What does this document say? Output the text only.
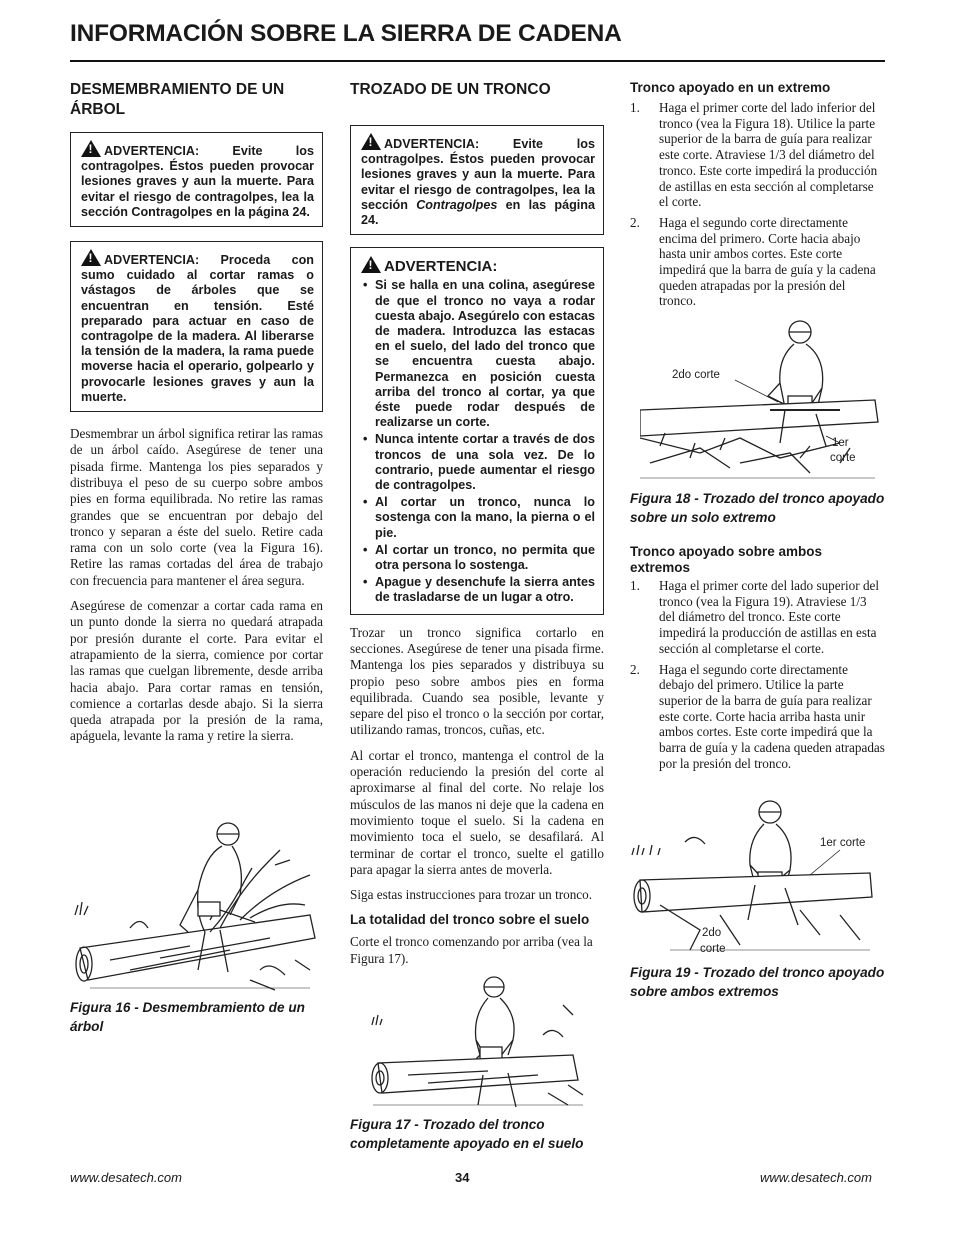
INFORMACIÓN SOBRE LA SIERRA DE CADENA
DESMEMBRAMIENTO DE UN ÁRBOL
!ADVERTENCIA: Evite los contragolpes. Éstos pueden provocar lesiones graves y aun la muerte. Para evitar el riesgo de contragolpes, lea la sección Contragolpes en la página 24.
!ADVERTENCIA: Proceda con sumo cuidado al cortar ramas o vástagos de árboles que se encuentran en tensión. Esté preparado para actuar en caso de contragolpe de la madera. Al liberarse la tensión de la madera, la rama puede moverse hacia el operario, golpearlo y provocarle lesiones graves y aun la muerte.

Desmembrar un árbol significa retirar las ramas de un árbol caído. Asegúrese de tener una pisada firme. Mantenga los pies separados y distribuya el peso de su cuerpo sobre ambos pies en forma equilibrada. No retire las ramas grandes que se encuentran por debajo del tronco y separan a éste del suelo. Retire cada rama con un solo corte (vea la Figura 16). Retire las ramas cortadas del área de trabajo con frecuencia para mantener el área segura.

Asegúrese de comenzar a cortar cada rama en un punto donde la sierra no quedará atrapada por presión durante el corte. Para evitar el atrapamiento de la sierra, comience por cortar las ramas que cuelgan libremente, desde arriba hacia abajo. Para cortar ramas en tensión, comience a cortarlas desde abajo. Si la sierra queda atrapada por la presión de la rama, apáguela, levante la rama y retire la sierra.

Figura 16 - Desmembramiento de un árbol
TROZADO DE UN TRONCO
!ADVERTENCIA: Evite los contragolpes. Éstos pueden provocar lesiones graves y aun la muerte. Para evitar el riesgo de contragolpes, lea la sección Contragolpes en las página 24.
!ADVERTENCIA:
• Si se halla en una colina, asegúrese de que el tronco no vaya a rodar cuesta abajo. Asegúrelo con estacas de madera. Introduzca las estacas en el suelo, del lado del tronco que se encuentra cuesta abajo. Permanezca en posición cuesta arriba del tronco al cortar, ya que éste puede rodar después de realizarse un corte.
• Nunca intente cortar a través de dos troncos de una sola vez. De lo contrario, puede aumentar el riesgo de contragolpes.
• Al cortar un tronco, nunca lo sostenga con la mano, la pierna o el pie.
• Al cortar un tronco, no permita que otra persona lo sostenga.
• Apague y desenchufe la sierra antes de trasladarse de un lugar a otro.

Trozar un tronco significa cortarlo en secciones. Asegúrese de tener una pisada firme. Mantenga los pies separados y distribuya su propio peso sobre ambos pies en forma equilibrada. Cuando sea posible, levante y separe del piso el tronco o la sección por cortar, utilizando ramas, troncos, cuñas, etc.

Al cortar el tronco, mantenga el control de la operación reduciendo la presión del corte al aproximarse al final del corte. No relaje los músculos de las manos ni deje que la cadena en movimiento toque el suelo. Si la cadena en movimiento toca el suelo, se desafilará. Al terminar de cortar el tronco, suelte el gatillo para apagar la sierra antes de moverla.

Siga estas instrucciones para trozar un tronco.

La totalidad del tronco sobre el suelo

Corte el tronco comenzando por arriba (vea la Figura 17).

Figura 17 - Trozado del tronco completamente apoyado en el suelo
Tronco apoyado en un extremo
1. Haga el primer corte del lado inferior del tronco (vea la Figura 18). Utilice la parte superior de la barra de guía para realizar este corte. Atraviese 1/3 del diámetro del tronco. Este corte impedirá la producción de astillas en esta sección al completarse el corte.
2. Haga el segundo corte directamente encima del primero. Corte hacia abajo hasta unir ambos cortes. Este corte impedirá que la barra de guía y la cadena queden atrapadas por la presión del tronco.
2do corte
1er
corte
Figura 18 - Trozado del tronco apoyado sobre un solo extremo
Tronco apoyado sobre ambos extremos
1. Haga el primer corte del lado superior del tronco (vea la Figura 19). Atraviese 1/3 del diámetro del tronco. Este corte impedirá la producción de astillas en esta sección al completarse el corte.
2. Haga el segundo corte directamente debajo del primero. Utilice la parte superior de la barra de guía para realizar este corte. Corte hacia arriba hasta unir ambos cortes. Este corte impedirá que la barra de guía y la cadena queden atrapadas por la presión del tronco.
1er corte
2do
corte
Figura 19 - Trozado del tronco apoyado sobre ambos extremos
www.desatech.com	34	www.desatech.com
